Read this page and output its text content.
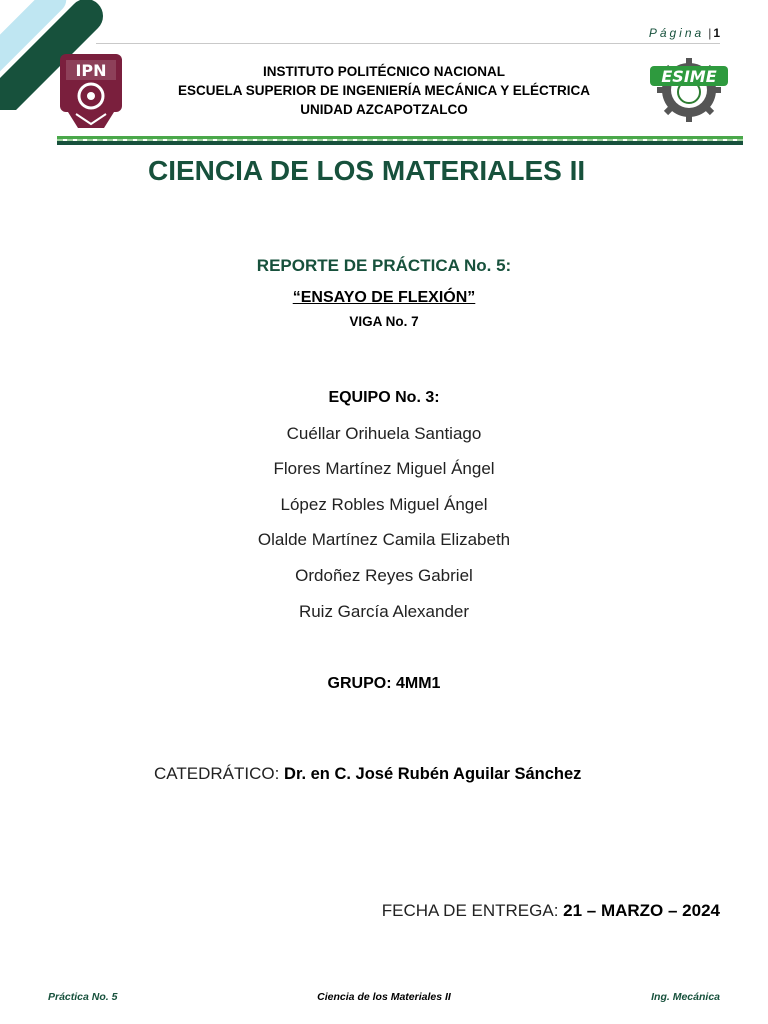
Página | 1
IPN	INSTITUTO POLITÉCNICO NACIONAL
ESCUELA SUPERIOR DE INGENIERÍA MECÁNICA Y ELÉCTRICA
UNIDAD AZCAPOTZALCO
ESIME
CIENCIA DE LOS MATERIALES II
REPORTE DE PRÁCTICA No. 5:
“ENSAYO DE FLEXIÓN”
VIGA No. 7
EQUIPO No. 3:
Cuéllar Orihuela Santiago
Flores Martínez Miguel Ángel
López Robles Miguel Ángel
Olalde Martínez Camila Elizabeth
Ordoñez Reyes Gabriel
Ruiz García Alexander
GRUPO: 4MM1
CATEDRÁTICO: Dr. en C. José Rubén Aguilar Sánchez
FECHA DE ENTREGA: 21 – MARZO – 2024
Práctica No. 5	Ciencia de los Materiales II	Ing. Mecánica
